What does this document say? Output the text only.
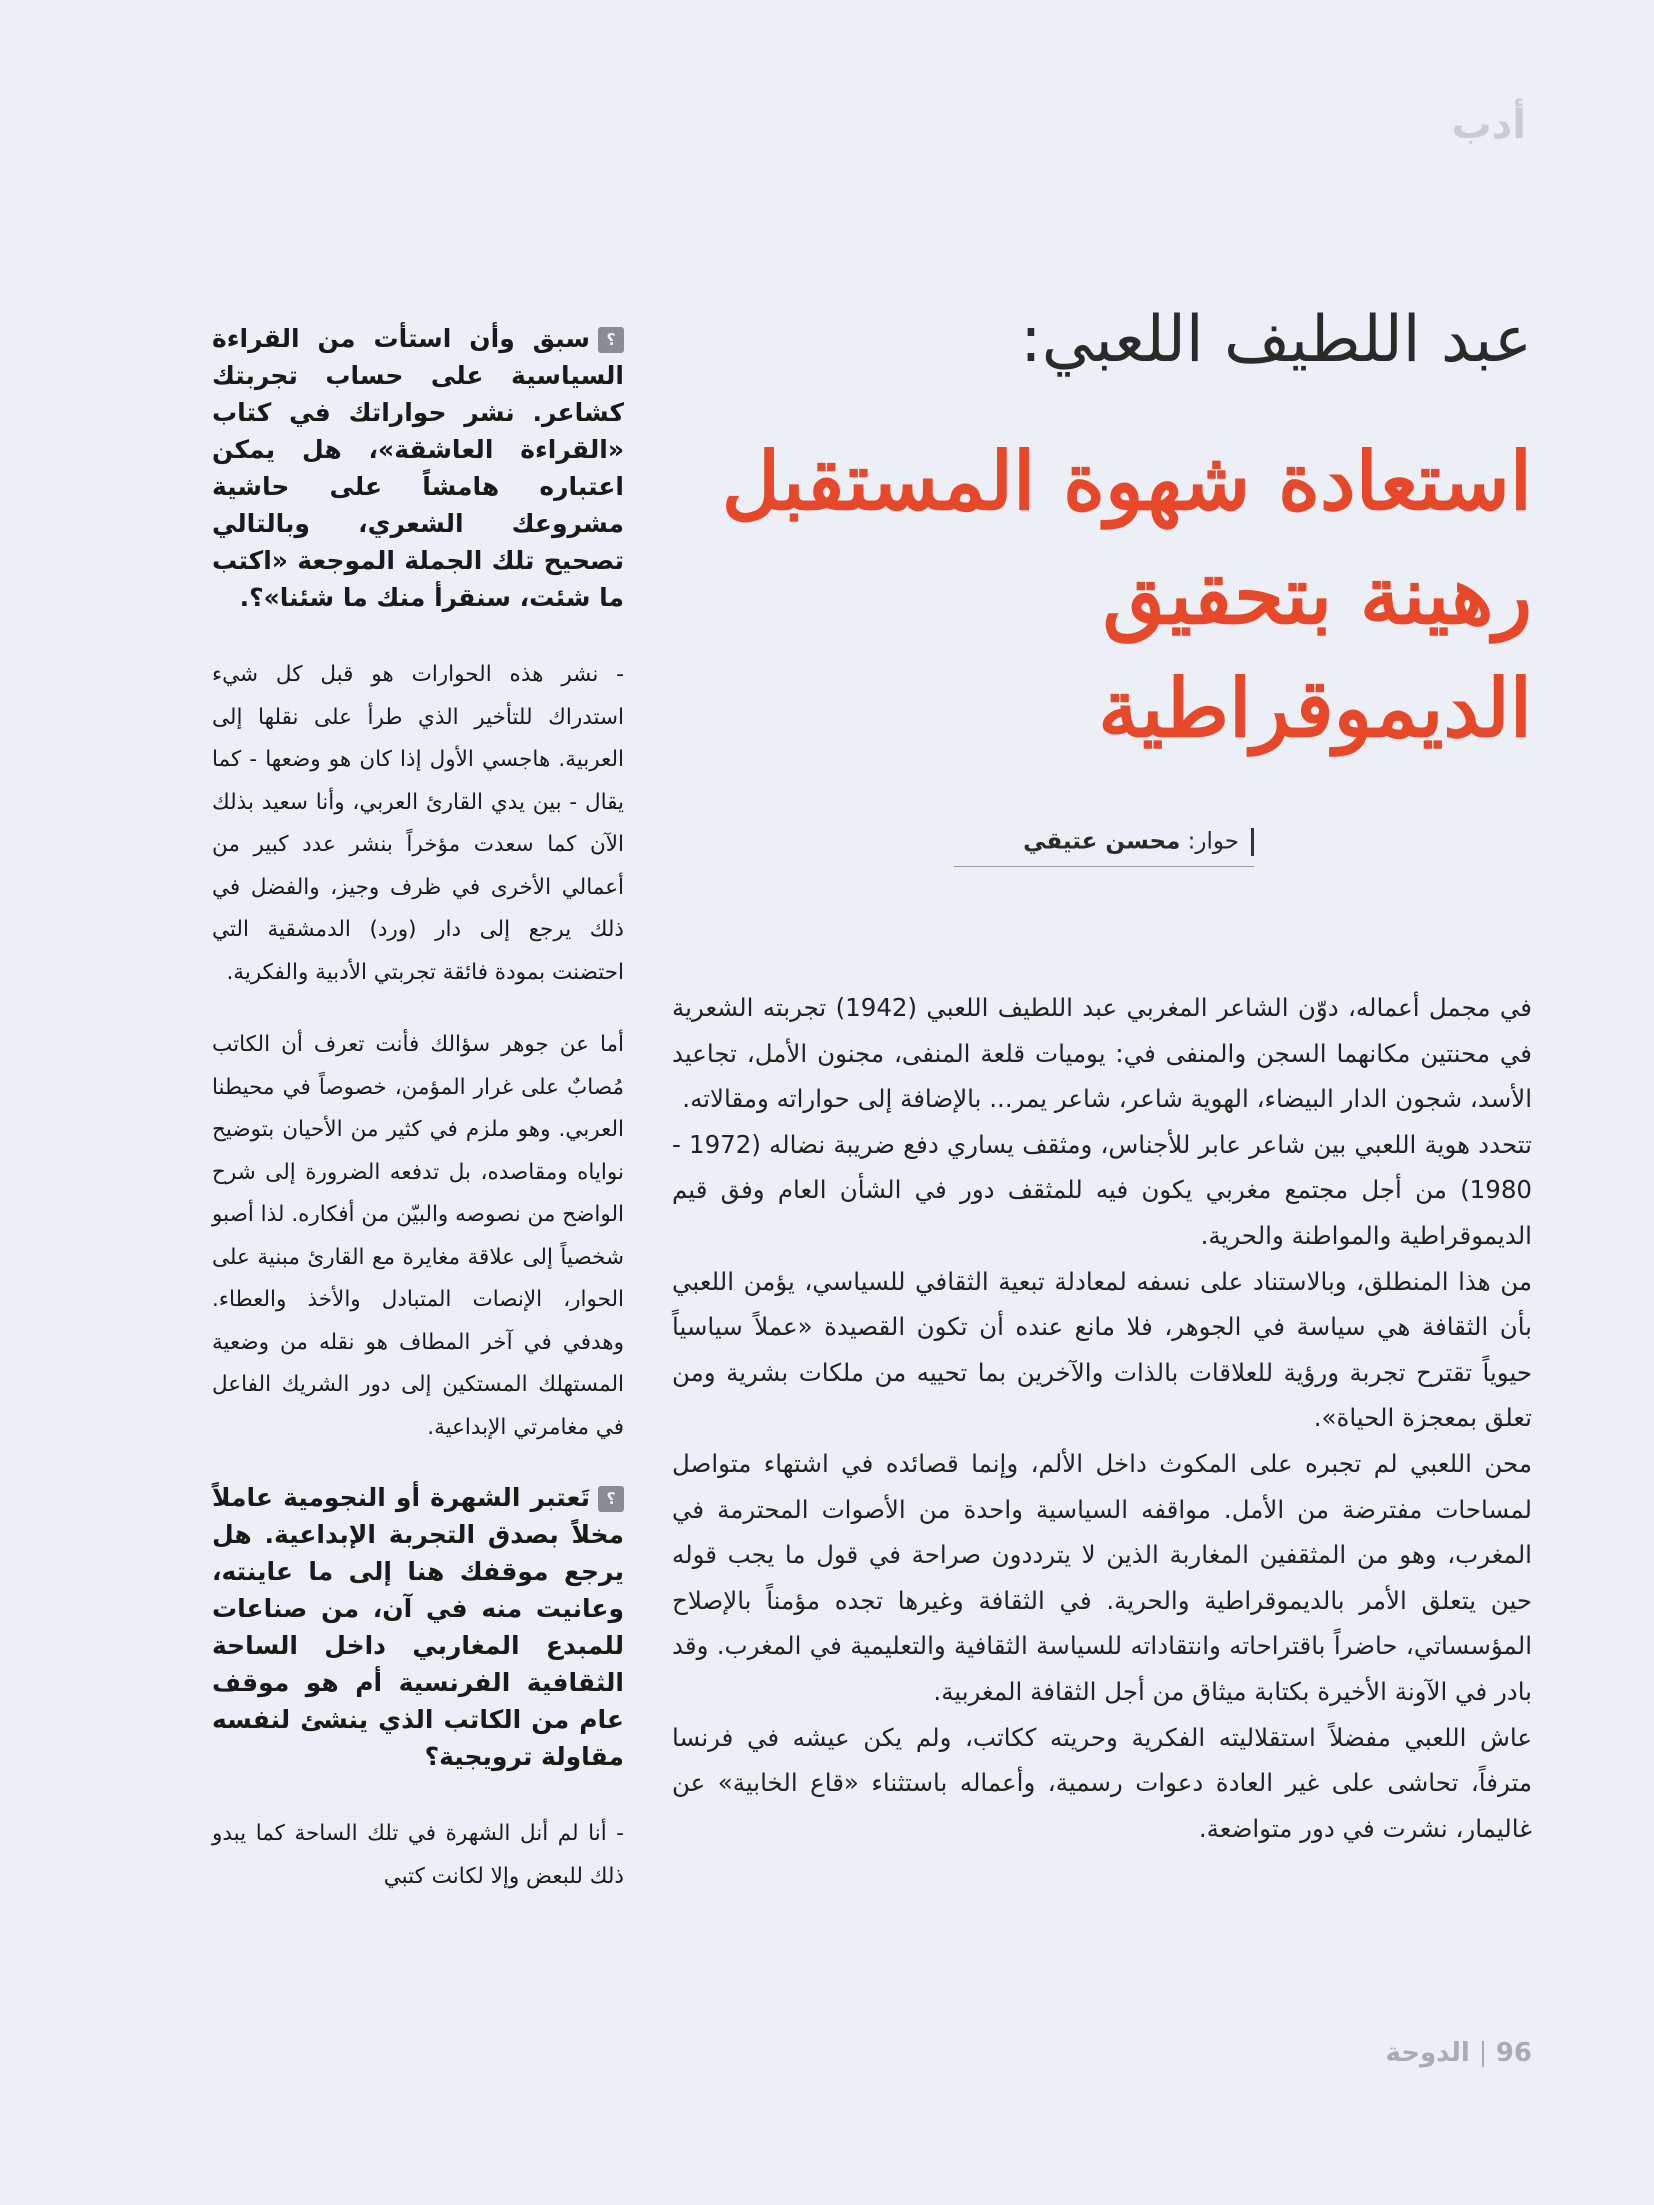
أدب
عبد اللطيف اللعبي:
استعادة شهوة المستقبل
رهينة بتحقيق الديموقراطية
حوار: محسن عتيقي

في مجمل أعماله، دوّن الشاعر المغربي عبد اللطيف اللعبي (1942) تجربته الشعرية في محنتين مكانهما السجن والمنفى في: يوميات قلعة المنفى، مجنون الأمل، تجاعيد الأسد، شجون الدار البيضاء، الهوية شاعر، شاعر يمر... بالإضافة إلى حواراته ومقالاته.

تتحدد هوية اللعبي بين شاعر عابر للأجناس، ومثقف يساري دفع ضريبة نضاله (1972 - 1980) من أجل مجتمع مغربي يكون فيه للمثقف دور في الشأن العام وفق قيم الديموقراطية والمواطنة والحرية.

من هذا المنطلق، وبالاستناد على نسفه لمعادلة تبعية الثقافي للسياسي، يؤمن اللعبي بأن الثقافة هي سياسة في الجوهر، فلا مانع عنده أن تكون القصيدة «عملاً سياسياً حيوياً تقترح تجربة ورؤية للعلاقات بالذات والآخرين بما تحييه من ملكات بشرية ومن تعلق بمعجزة الحياة».

محن اللعبي لم تجبره على المكوث داخل الألم، وإنما قصائده في اشتهاء متواصل لمساحات مفترضة من الأمل. مواقفه السياسية واحدة من الأصوات المحترمة في المغرب، وهو من المثقفين المغاربة الذين لا يترددون صراحة في قول ما يجب قوله حين يتعلق الأمر بالديموقراطية والحرية. في الثقافة وغيرها تجده مؤمناً بالإصلاح المؤسساتي، حاضراً باقتراحاته وانتقاداته للسياسة الثقافية والتعليمية في المغرب. وقد بادر في الآونة الأخيرة بكتابة ميثاق من أجل الثقافة المغربية.

عاش اللعبي مفضلاً استقلاليته الفكرية وحريته ككاتب، ولم يكن عيشه في فرنسا مترفاً، تحاشى على غير العادة دعوات رسمية، وأعماله باستثناء «قاع الخابية» عن غاليمار، نشرت في دور متواضعة.

؟سبق وأن استأت من القراءة السياسية على حساب تجربتك كشاعر. نشر حواراتك في كتاب «القراءة العاشقة»، هل يمكن اعتباره هامشاً على حاشية مشروعك الشعري، وبالتالي تصحيح تلك الجملة الموجعة «اكتب ما شئت، سنقرأ منك ما شئنا»؟.

- نشر هذه الحوارات هو قبل كل شيء استدراك للتأخير الذي طرأ على نقلها إلى العربية. هاجسي الأول إذا كان هو وضعها - كما يقال - بين يدي القارئ العربي، وأنا سعيد بذلك الآن كما سعدت مؤخراً بنشر عدد كبير من أعمالي الأخرى في ظرف وجيز، والفضل في ذلك يرجع إلى دار (ورد) الدمشقية التي احتضنت بمودة فائقة تجربتي الأدبية والفكرية.

أما عن جوهر سؤالك فأنت تعرف أن الكاتب مُصابٌ على غرار المؤمن، خصوصاً في محيطنا العربي. وهو ملزم في كثير من الأحيان بتوضيح نواياه ومقاصده، بل تدفعه الضرورة إلى شرح الواضح من نصوصه والبيّن من أفكاره. لذا أصبو شخصياً إلى علاقة مغايرة مع القارئ مبنية على الحوار، الإنصات المتبادل والأخذ والعطاء. وهدفي في آخر المطاف هو نقله من وضعية المستهلك المستكين إلى دور الشريك الفاعل في مغامرتي الإبداعية.

؟تَعتبر الشهرة أو النجومية عاملاً مخلاً بصدق التجربة الإبداعية. هل يرجع موقفك هنا إلى ما عاينته، وعانيت منه في آن، من صناعات للمبدع المغاربي داخل الساحة الثقافية الفرنسية أم هو موقف عام من الكاتب الذي ينشئ لنفسه مقاولة ترويجية؟

- أنا لم أنل الشهرة في تلك الساحة كما يبدو ذلك للبعض وإلا لكانت كتبي

96الدوحة
